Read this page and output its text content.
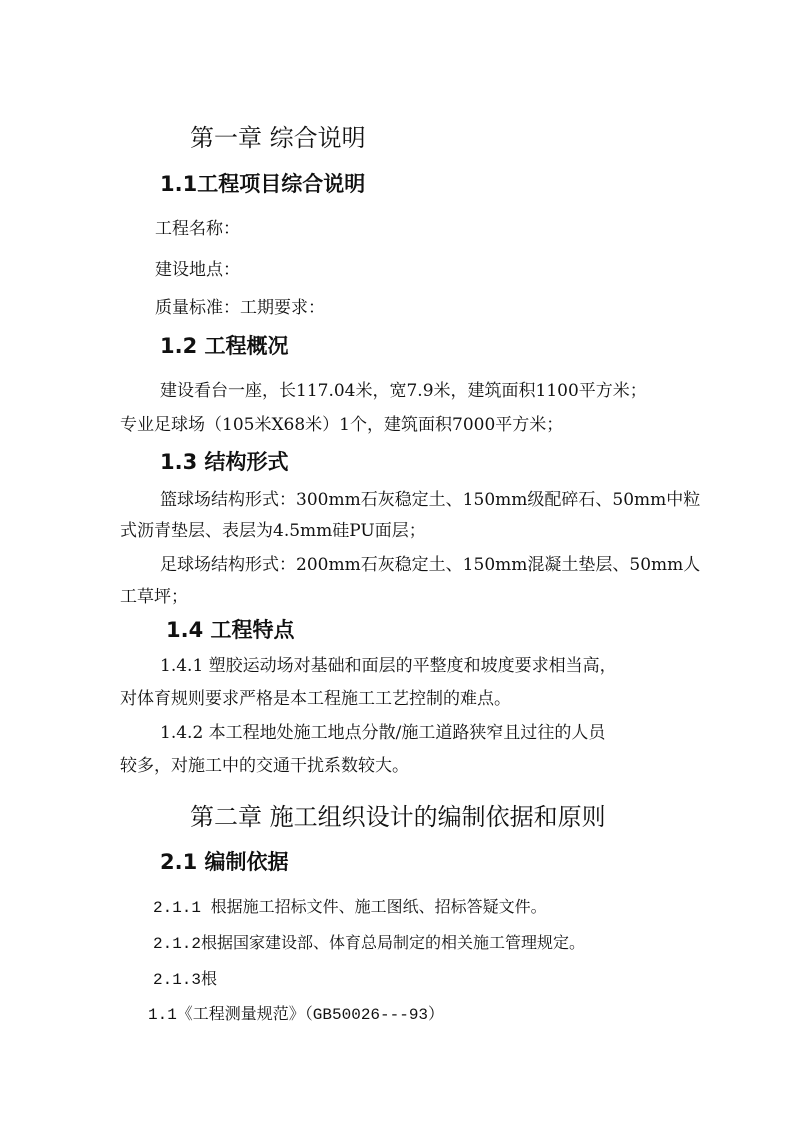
第一章 综合说明
1.1工程项目综合说明
工程名称：
建设地点：
质量标准：工期要求：
1.2 工程概况
建设看台一座，长117.04米，宽7.9米，建筑面积1100平方米；
专业足球场（105米X68米）1个，建筑面积7000平方米；
1.3 结构形式
篮球场结构形式：300mm石灰稳定土、150mm级配碎石、50mm中粒
式沥青垫层、表层为4.5mm硅PU面层；
足球场结构形式：200mm石灰稳定土、150mm混凝土垫层、50mm人
工草坪；
1.4 工程特点
1.4.1 塑胶运动场对基础和面层的平整度和坡度要求相当高，
对体育规则要求严格是本工程施工工艺控制的难点。
1.4.2 本工程地处施工地点分散/施工道路狭窄且过往的人员
较多，对施工中的交通干扰系数较大。
第二章 施工组织设计的编制依据和原则
2.1 编制依据
2.1.1 根据施工招标文件、施工图纸、招标答疑文件。
2.1.2根据国家建设部、体育总局制定的相关施工管理规定。
2.1.3根
1.1《工程测量规范》（GB50026---93）
